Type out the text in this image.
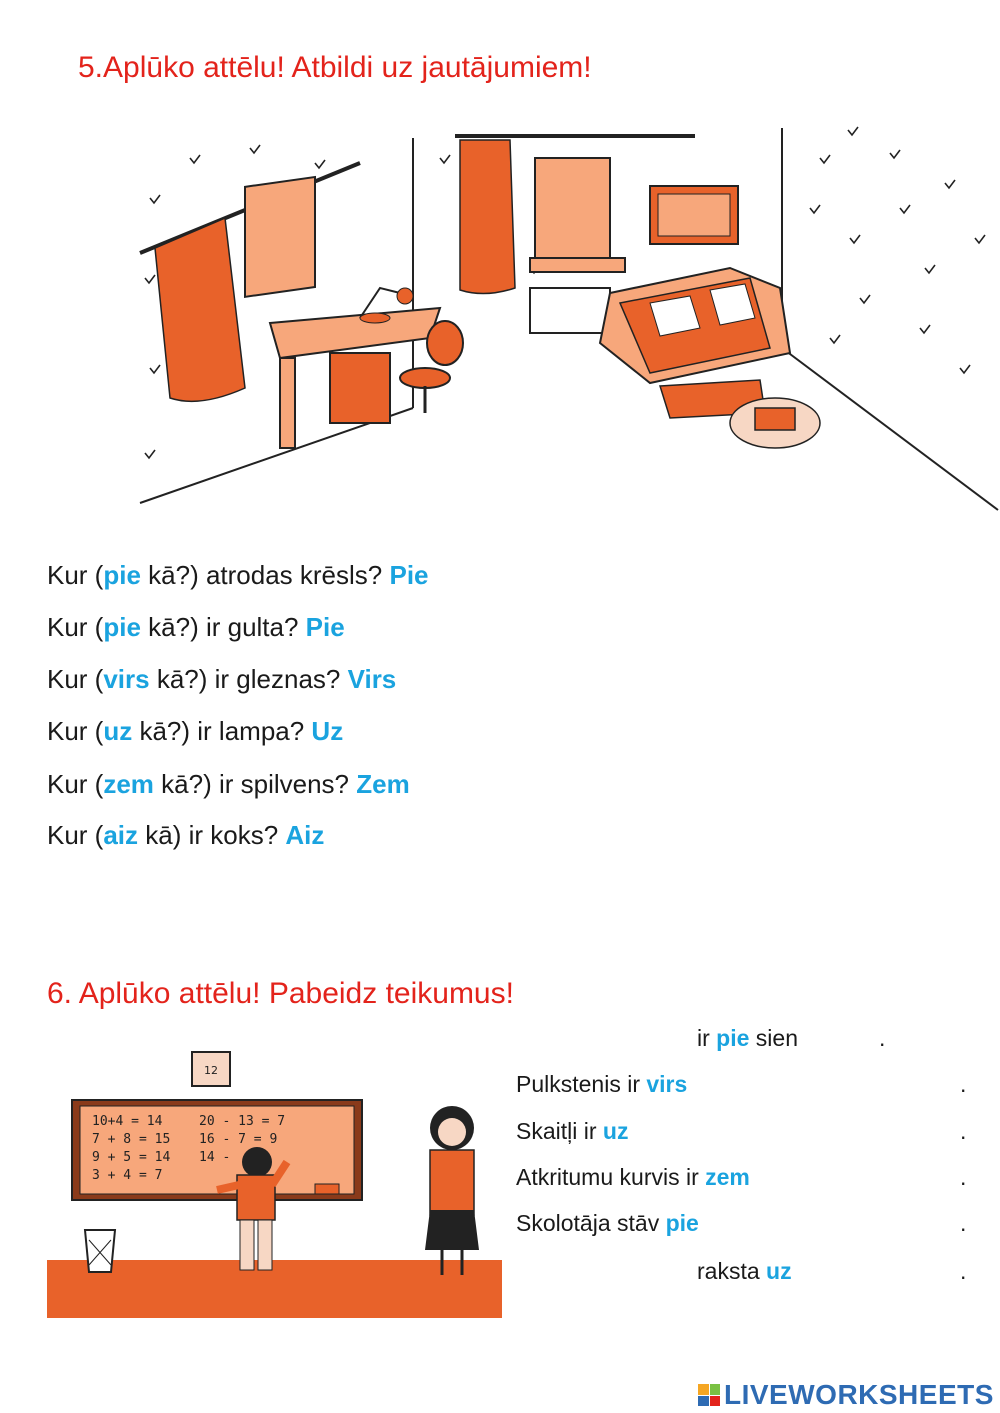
5.Aplūko attēlu! Atbildi uz jautājumiem!
Kur (pie kā?) atrodas krēsls? Pie
Kur (pie kā?) ir gulta? Pie
Kur (virs kā?) ir gleznas? Virs
Kur (uz kā?) ir lampa? Uz
Kur (zem kā?) ir spilvens? Zem
Kur (aiz kā) ir koks? Aiz
6. Aplūko attēlu! Pabeidz teikumus!
12
10+4 = 14
7 + 8 = 15
9 + 5 = 14
3 + 4 = 7
20 - 13 = 7
16 - 7 = 9
14 -
ir pie sien	.
Pulkstenis ir virs	.
Skaitļi ir uz	.
Atkritumu kurvis ir zem	.
Skolotāja stāv pie	.
raksta uz	.
LIVEWORKSHEETS
